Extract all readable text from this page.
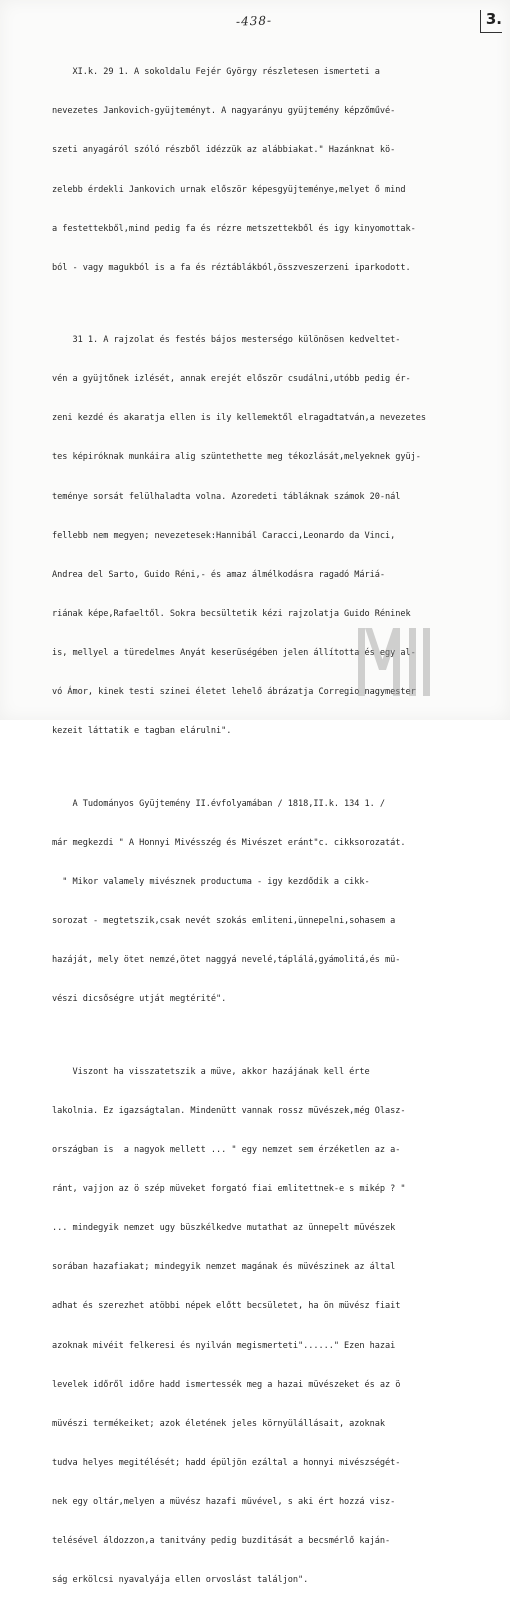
-438-	3.

XI.k. 29 1. A sokoldalu Fejér György részletesen ismerteti a

nevezetes Jankovich-gyüjteményt. A nagyarányu gyüjtemény képzőművé-

szeti anyagáról szóló részből idézzük az alábbiakat." Hazánknat kö-

zelebb érdekli Jankovich urnak először képesgyüjteménye,melyet ő mind

a festettekből,mind pedig fa és rézre metszettekből és igy kinyomottak-

ból - vagy magukból is a fa és réztáblákból,összveszerzeni iparkodott.

31 1. A rajzolat és festés bájos mesterségo különösen kedveltet-

vén a gyüjtőnek izlését, annak erejét először csudálni,utóbb pedig ér-

zeni kezdé és akaratja ellen is ily kellemektől elragadtatván,a nevezetes

tes képiróknak munkáira alig szüntethette meg tékozlását,melyeknek gyüj-

teménye sorsát felülhaladta volna. Azoredeti tábláknak számok 20-nál

fellebb nem megyen; nevezetesek:Hannibál Caracci,Leonardo da Vinci,

Andrea del Sarto, Guido Réni,- és amaz álmélkodásra ragadó Máriá-

riának képe,Rafaeltől. Sokra becsültetik kézi rajzolatja Guido Réninek

is, mellyel a türedelmes Anyát keserüségében jelen állította és egy al-

vó Ámor, kinek testi szinei életet lehelő ábrázatja Corregio nagymester

kezeit láttatik e tagban elárulni".

A Tudományos Gyüjtemény II.évfolyamában / 1818,II.k. 134 1. /

már megkezdi " A Honnyi Mivésszég és Mivészet eránt"c. cikksorozatát.

" Mikor valamely mivésznek productuma - igy kezdődik a cikk-

sorozat - megtetszik,csak nevét szokás emliteni,ünnepelni,sohasem a

hazáját, mely ötet nemzé,ötet naggyá nevelé,táplálá,gyámolitá,és mü-

vészi dicsőségre utját megtérité".

Viszont ha visszatetszik a müve, akkor hazájának kell érte

lakolnia. Ez igazságtalan. Mindenütt vannak rossz müvészek,még Olasz-

országban is  a nagyok mellett ... " egy nemzet sem érzéketlen az a-

ránt, vajjon az ö szép müveket forgató fiai emlitettnek-e s mikép ? "

... mindegyik nemzet ugy büszkélkedve mutathat az ünnepelt müvészek

sorában hazafiakat; mindegyik nemzet magának és müvészinek az által

adhat és szerezhet atöbbi népek előtt becsületet, ha ön müvész fiait

azoknak mivéit felkeresi és nyilván megismerteti"......" Ezen hazai

levelek időről időre hadd ismertessék meg a hazai müvészeket és az ö

müvészi termékeiket; azok életének jeles környülállásait, azoknak

tudva helyes megitélését; hadd épüljön ezáltal a honnyi mivészségét-

nek egy oltár,melyen a müvész hazafi müvével, s aki ért hozzá visz-

telésével áldozzon,a tanitvány pedig buzditását a becsmérlő kaján-

ság erkölcsi nyavalyája ellen orvoslást találjon".
